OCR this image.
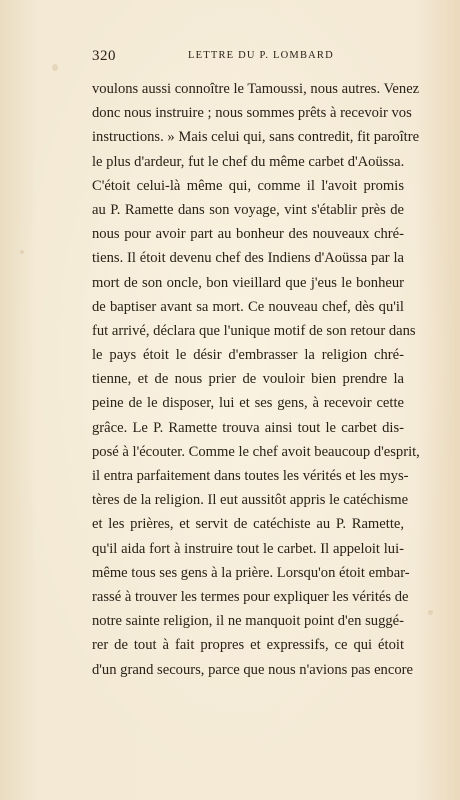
320	LETTRE DU P. LOMBARD
voulons aussi connoître le Tamoussi, nous autres. Venez
donc nous instruire ; nous sommes prêts à recevoir vos
instructions. » Mais celui qui, sans contredit, fit paroître
le plus d'ardeur, fut le chef du même carbet d'Aoüssa.
C'étoit celui-là même qui, comme il l'avoit promis
au P. Ramette dans son voyage, vint s'établir près de
nous pour avoir part au bonheur des nouveaux chré-
tiens. Il étoit devenu chef des Indiens d'Aoüssa par la
mort de son oncle, bon vieillard que j'eus le bonheur
de baptiser avant sa mort. Ce nouveau chef, dès qu'il
fut arrivé, déclara que l'unique motif de son retour dans
le pays étoit le désir d'embrasser la religion chré-
tienne, et de nous prier de vouloir bien prendre la
peine de le disposer, lui et ses gens, à recevoir cette
grâce. Le P. Ramette trouva ainsi tout le carbet dis-
posé à l'écouter. Comme le chef avoit beaucoup d'esprit,
il entra parfaitement dans toutes les vérités et les mys-
tères de la religion. Il eut aussitôt appris le catéchisme
et les prières, et servit de catéchiste au P. Ramette,
qu'il aida fort à instruire tout le carbet. Il appeloit lui-
même tous ses gens à la prière. Lorsqu'on étoit embar-
rassé à trouver les termes pour expliquer les vérités de
notre sainte religion, il ne manquoit point d'en suggé-
rer de tout à fait propres et expressifs, ce qui étoit
d'un grand secours, parce que nous n'avions pas encore
